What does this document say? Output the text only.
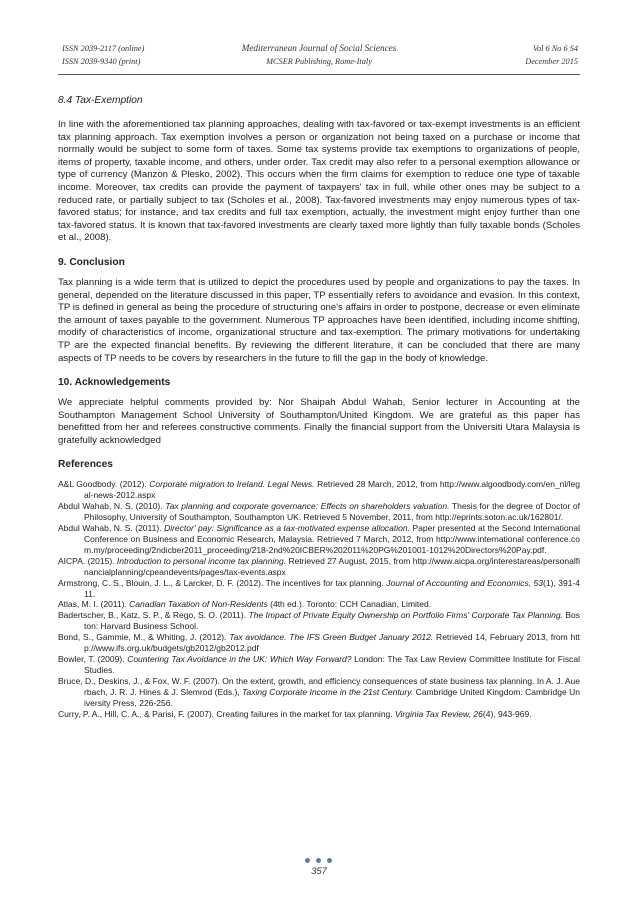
ISSN 2039-2117 (online)
ISSN 2039-9340 (print)
Mediterranean Journal of Social Sciences
MCSER Publishing, Rome-Italy
Vol 6 No 6 S4
December 2015
8.4 Tax-Exemption

In line with the aforementioned tax planning approaches, dealing with tax-favored or tax-exempt investments is an efficient tax planning approach. Tax exemption involves a person or organization not being taxed on a purchase or income that normally would be subject to some form of taxes. Some tax systems provide tax exemptions to organizations of people, items of property, taxable income, and others, under order. Tax credit may also refer to a personal exemption allowance or type of currency (Manzon & Plesko, 2002). This occurs when the firm claims for exemption to reduce one type of taxable income. Moreover, tax credits can provide the payment of taxpayers' tax in full, while other ones may be subject to a reduced rate, or partially subject to tax (Scholes et al., 2008). Tax-favored investments may enjoy numerous types of tax-favored status; for instance, and tax credits and full tax exemption, actually, the investment might enjoy further than one tax-favored status. It is known that tax-favored investments are clearly taxed more lightly than fully taxable bonds (Scholes et al., 2008).

9. Conclusion

Tax planning is a wide term that is utilized to depict the procedures used by people and organizations to pay the taxes. In general, depended on the literature discussed in this paper, TP essentially refers to avoidance and evasion. In this context, TP is defined in general as being the procedure of structuring one's affairs in order to postpone, decrease or even eliminate the amount of taxes payable to the government. Numerous TP approaches have been identified, including income shifting, modify of characteristics of income, organizational structure and tax-exemption. The primary motivations for undertaking TP are the expected financial benefits. By reviewing the different literature, it can be concluded that there are many aspects of TP needs to be covers by researchers in the future to fill the gap in the body of knowledge.

10. Acknowledgements

We appreciate helpful comments provided by: Nor Shaipah Abdul Wahab, Senior lecturer in Accounting at the Southampton Management School University of Southampton/United Kingdom. We are grateful as this paper has benefitted from her and referees constructive comments. Finally the financial support from the Universiti Utara Malaysia is gratefully acknowledged

References

A&L Goodbody. (2012). Corporate migration to Ireland. Legal News. Retrieved 28 March, 2012, from http://www.algoodbody.com/en_nl/legal-news-2012.aspx

Abdul Wahab, N. S. (2010). Tax planning and corporate governance: Effects on shareholders valuation. Thesis for the degree of Doctor of Philosophy, University of Southampton, Southampton UK. Retrieved 5 November, 2011, from http://eprints.soton.ac.uk/162801/.

Abdul Wahab, N. S. (2011). Director' pay: Significance as a tax-motivated expense allocation. Paper presented at the Second International Conference on Business and Economic Research, Malaysia. Retrieved 7 March, 2012, from http://www.international conference.com.my/proceeding/2ndicber2011_proceeding/218-2nd%20ICBER%202011%20PG%201001-1012%20Directors%20Pay.pdf.

AICPA. (2015). Introduction to personal income tax planning. Retrieved 27 August, 2015, from http://www.aicpa.org/interestareas/personalfinancialplanning/cpeandevents/pages/tax-events.aspx

Armstrong, C. S., Blouin, J. L., & Larcker, D. F. (2012). The incentives for tax planning. Journal of Accounting and Economics, 53(1), 391-411.

Atlas, M. I. (2011). Canadian Taxation of Non-Residents (4th ed.). Toronto: CCH Canadian, Limited.

Badertscher, B., Katz, S. P., & Rego, S. O. (2011). The Impact of Private Equity Ownership on Portfolio Firms' Corporate Tax Planning. Boston: Harvard Business School.

Bond, S., Gammie, M., & Whiting, J. (2012). Tax avoidance. The IFS Green Budget January 2012. Retrieved 14, February 2013, from http://www.ifs.org.uk/budgets/gb2012/gb2012.pdf

Bowler, T. (2009). Countering Tax Avoidance in the UK: Which Way Forward? London: The Tax Law Review Committee Institute for Fiscal Studies.

Bruce, D., Deskins, J., & Fox, W. F. (2007). On the extent, growth, and efficiency consequences of state business tax planning. In A. J. Auerbach, J. R. J. Hines & J. Slemrod (Eds.), Taxing Corporate Income in the 21st Century. Cambridge United Kingdom: Cambridge University Press, 226-256.

Curry, P. A., Hill, C. A., & Parisi, F. (2007). Creating failures in the market for tax planning. Virginia Tax Review, 26(4), 943-969.

357
